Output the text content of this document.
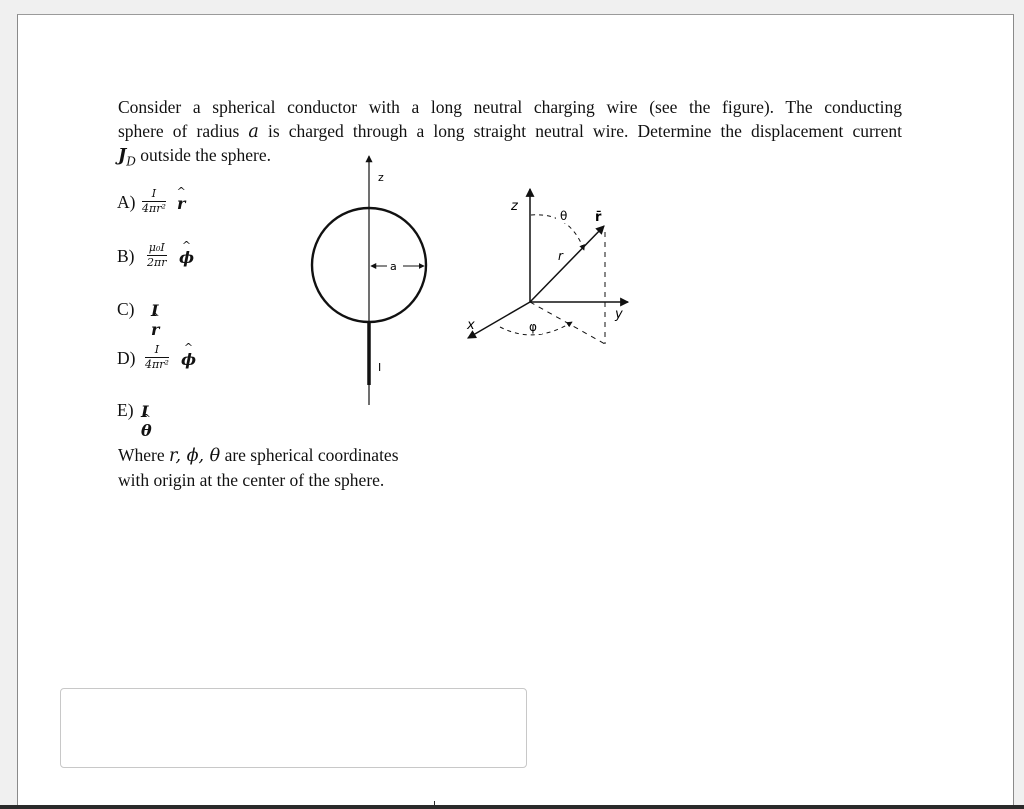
Consider a spherical conductor with a long neutral charging wire (see the figure). The conducting
sphere of radius a is charged through a long straight neutral wire. Determine the displacement current
$J_D$ outside the sphere.
A)	I
4πr² ^ r
B) μ₀I
2πr ^ ϕ
C) I^ r
D)	I
4πr² ^ ϕ
E) I^ θ
Where r, ϕ, θ are spherical coordinates
with origin at the center of the sphere.
z
a
I
z
y
x
r
r̄
θ
φ
